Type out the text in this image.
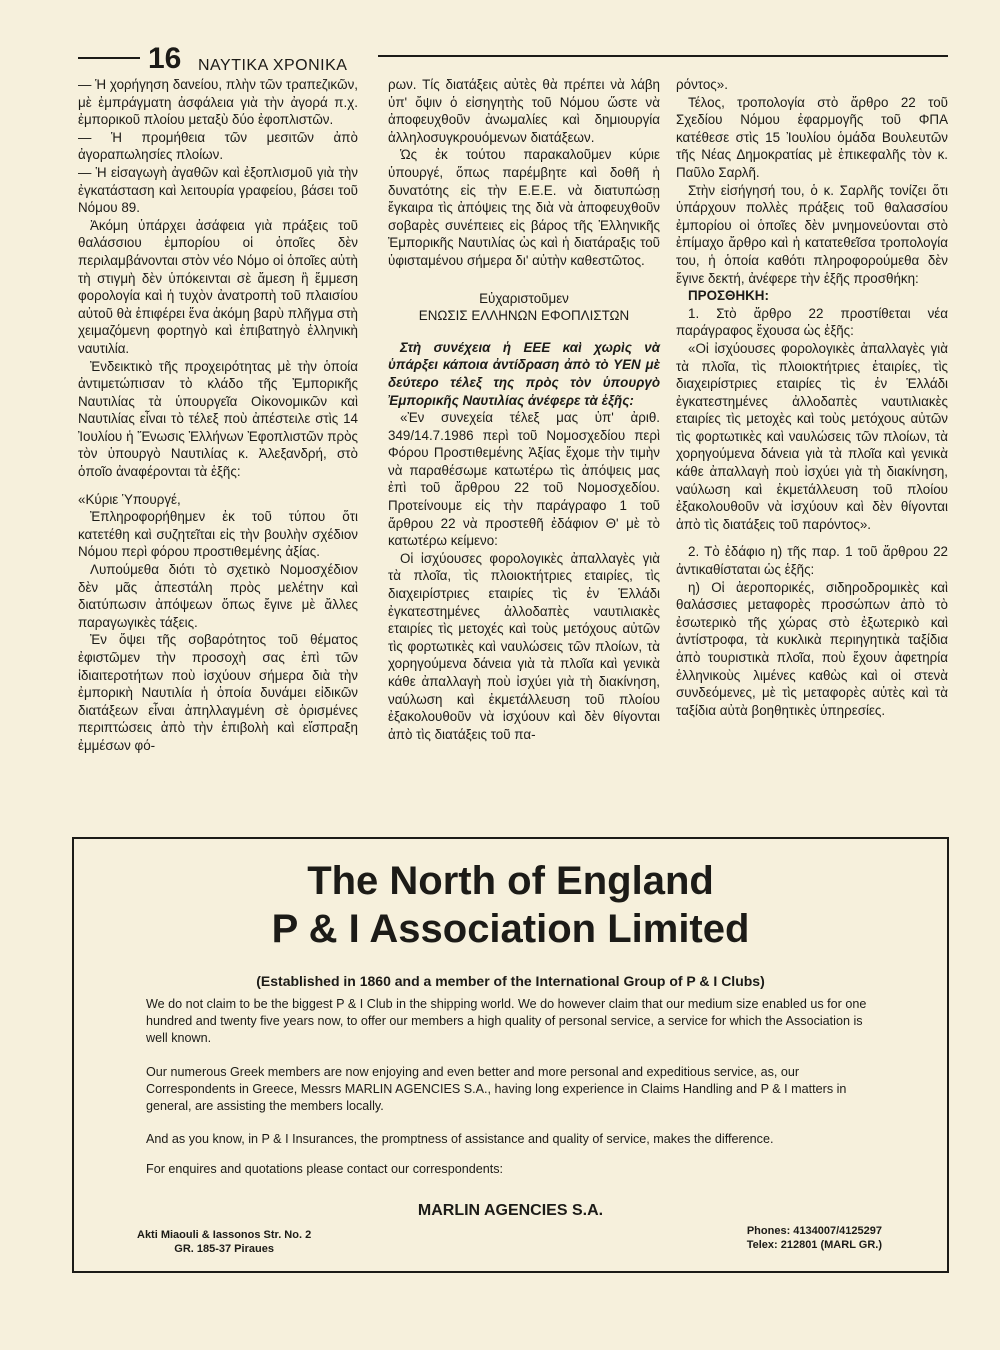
16 ΝΑΥΤΙΚΑ ΧΡΟΝΙΚΑ

— Ἡ χορήγηση δανείου, πλὴν τῶν τραπεζικῶν, μὲ ἐμπράγματη ἀσφάλεια γιὰ τὴν ἀγορά π.χ. ἐμπορικοῦ πλοίου μεταξὺ δύο ἐφοπλιστῶν.

— Ἡ προμήθεια τῶν μεσιτῶν ἀπὸ ἀγοραπωλησίες πλοίων.

— Ἡ εἰσαγωγὴ ἀγαθῶν καὶ ἐξοπλισμοῦ γιὰ τὴν ἐγκατάσταση καὶ λειτουρία γραφείου, βάσει τοῦ Νόμου 89.

Ἀκόμη ὑπάρχει ἀσάφεια γιὰ πράξεις τοῦ θαλάσσιου ἐμπορίου οἱ ὁποῖες δὲν περιλαμβάνονται στὸν νέο Νόμο οἱ ὁποῖες αὐτὴ τὴ στιγμὴ δὲν ὑπόκεινται σὲ ἄμεση ἢ ἔμμεση φορολογία καὶ ἡ τυχὸν ἀνατροπὴ τοῦ πλαισίου αὐτοῦ θὰ ἐπιφέρει ἕνα ἀκόμη βαρὺ πλῆγμα στὴ χειμαζόμενη φορτηγὸ καὶ ἐπιβατηγὸ ἑλληνικὴ ναυτιλία.

Ἐνδεικτικὸ τῆς προχειρότητας μὲ τὴν ὁποία ἀντιμετώπισαν τὸ κλάδο τῆς Ἐμπορικῆς Ναυτιλίας τὰ ὑπουργεῖα Οἰκονομικῶν καὶ Ναυτιλίας εἶναι τὸ τέλεξ ποὺ ἀπέστειλε στὶς 14 Ἰουλίου ἡ Ἕνωσις Ἑλλήνων Ἐφοπλιστῶν πρὸς τὸν ὑπουργὸ Ναυτιλίας κ. Ἀλεξανδρή, στὸ ὁποῖο ἀναφέρονται τὰ ἑξῆς:

«Κύριε Ὑπουργέ,

Ἐπληροφορήθημεν ἐκ τοῦ τύπου ὅτι κατετέθη καὶ συζητεῖται εἰς τὴν βουλὴν σχέδιον Νόμου περὶ φόρου προστιθεμένης ἀξίας.

Λυπούμεθα διότι τὸ σχετικὸ Νομοσχέδιον δὲν μᾶς ἀπεστάλη πρὸς μελέτην καὶ διατύπωσιν ἀπόψεων ὅπως ἔγινε μὲ ἄλλες παραγωγικὲς τάξεις.

Ἐν ὄψει τῆς σοβαρότητος τοῦ θέματος ἐφιστῶμεν τὴν προσοχὴ σας ἐπὶ τῶν ἰδιαιτεροτήτων ποὺ ἰσχύουν σήμερα διὰ τὴν ἐμπορικὴ Ναυτιλία ἡ ὁποία δυνάμει εἰδικῶν διατάξεων εἶναι ἀπηλλαγμένη σὲ ὁρισμένες περιπτώσεις ἀπὸ τὴν ἐπιβολὴ καὶ εἴσπραξη ἐμμέσων φό-

ρων. Τίς διατάξεις αὐτὲς θὰ πρέπει νὰ λάβη ὑπ' ὄψιν ὁ εἰσηγητὴς τοῦ Νόμου ὥστε νὰ ἀποφευχθοῦν ἀνωμαλίες καὶ δημιουργία ἀλληλοσυγκρουόμενων διατάξεων.

Ὡς ἐκ τούτου παρακαλοῦμεν κύριε ὑπουργέ, ὅπως παρέμβητε καὶ δοθῆ ἡ δυνατότης εἰς τὴν Ε.Ε.Ε. νὰ διατυπώσῃ ἔγκαιρα τὶς ἀπόψεις της διὰ νὰ ἀποφευχθοῦν σοβαρὲς συνέπειες εἰς βάρος τῆς Ἑλληνικῆς Ἐμπορικῆς Ναυτιλίας ὡς καὶ ἡ διατάραξις τοῦ ὑφισταμένου σήμερα δι' αὐτὴν καθεστῶτος.

Εὐχαριστοῦμεν
ΕΝΩΣΙΣ ΕΛΛΗΝΩΝ ΕΦΟΠΛΙΣΤΩΝ

Στὴ συνέχεια ἡ ΕΕΕ καὶ χωρὶς νὰ ὑπάρξει κάποια ἀντίδραση ἀπὸ τὸ ΥΕΝ μὲ δεύτερο τέλεξ της πρὸς τὸν ὑπουργὸ Ἐμπορικῆς Ναυτιλίας ἀνέφερε τὰ ἑξῆς:

«Ἐν συνεχεία τέλεξ μας ὑπ' ἀριθ. 349/14.7.1986 περὶ τοῦ Νομοσχεδίου περὶ Φόρου Προστιθεμένης Ἀξίας ἔχομε τὴν τιμὴν νὰ παραθέσωμε κατωτέρω τὶς ἀπόψεις μας ἐπὶ τοῦ ἄρθρου 22 τοῦ Νομοσχεδίου. Προτείνουμε εἰς τὴν παράγραφο 1 τοῦ ἄρθρου 22 νὰ προστεθῆ ἐδάφιον Θ' μὲ τὸ κατωτέρω κείμενο:

Οἱ ἰσχύουσες φορολογικὲς ἀπαλλαγὲς γιὰ τὰ πλοῖα, τὶς πλοιοκτήτριες εταιρίες, τὶς διαχειρίστριες εταιρίες τὶς ἐν Ἑλλάδι ἐγκατεστημένες ἀλλοδαπὲς ναυτιλιακὲς εταιρίες τὶς μετοχές καὶ τοὺς μετόχους αὐτῶν τὶς φορτωτικὲς καὶ ναυλώσεις τῶν πλοίων, τὰ χορηγούμενα δάνεια γιὰ τὰ πλοῖα καὶ γενικὰ κάθε ἀπαλλαγὴ ποὺ ἰσχύει γιὰ τὴ διακίνηση, ναύλωση καὶ ἐκμετάλλευση τοῦ πλοίου ἐξακολουθοῦν νὰ ἰσχύουν καὶ δὲν θίγονται ἀπὸ τὶς διατάξεις τοῦ πα-

ρόντος».

Τέλος, τροπολογία στὸ ἄρθρο 22 τοῦ Σχεδίου Νόμου ἐφαρμογῆς τοῦ ΦΠΑ κατέθεσε στὶς 15 Ἰουλίου ὁμάδα Βουλευτῶν τῆς Νέας Δημοκρατίας μὲ ἐπικεφαλῆς τὸν κ. Παῦλο Σαρλῆ.

Στὴν εἰσήγησή του, ὁ κ. Σαρλῆς τονίζει ὅτι ὑπάρχουν πολλὲς πράξεις τοῦ θαλασσίου ἐμπορίου οἱ ὁποῖες δὲν μνημονεύονται στὸ ἐπίμαχο ἄρθρο καὶ ἡ κατατεθεῖσα τροπολογία του, ἡ ὁποία καθότι πληροφορούμεθα δὲν ἔγινε δεκτή, ἀνέφερε τὴν ἑξῆς προσθήκη:

ΠΡΟΣΘΗΚΗ:

1. Στὸ ἄρθρο 22 προστίθεται νέα παράγραφος ἔχουσα ὡς ἑξῆς:

«Οἱ ἰσχύουσες φορολογικὲς ἀπαλλαγὲς γιὰ τὰ πλοῖα, τὶς πλοιοκτήτριες ἑταιρίες, τὶς διαχειρίστριες εταιρίες τὶς ἐν Ἑλλάδι ἐγκατεστημένες ἀλλοδαπὲς ναυτιλιακὲς εταιρίες τὶς μετοχὲς καὶ τοὺς μετόχους αὐτῶν τὶς φορτωτικὲς καὶ ναυλώσεις τῶν πλοίων, τὰ χορηγούμενα δάνεια γιὰ τὰ πλοῖα καὶ γενικὰ κάθε ἀπαλλαγὴ ποὺ ἰσχύει γιὰ τὴ διακίνηση, ναύλωση καὶ ἐκμετάλλευση τοῦ πλοίου ἐξακολουθοῦν νὰ ἰσχύουν καὶ δὲν θίγονται ἀπὸ τὶς διατάξεις τοῦ παρόντος».

2. Τὸ ἐδάφιο η) τῆς παρ. 1 τοῦ ἄρθρου 22 ἀντικαθίσταται ὡς ἑξῆς:

η) Οἱ ἀεροπορικές, σιδηροδρομικὲς καὶ θαλάσσιες μεταφορὲς προσώπων ἀπὸ τὸ ἐσωτερικὸ τῆς χώρας στὸ ἐξωτερικὸ καὶ ἀντίστροφα, τὰ κυκλικὰ περιηγητικὰ ταξίδια ἀπὸ τουριστικὰ πλοῖα, ποὺ ἔχουν ἀφετηρία ἑλληνικοὺς λιμένες καθὼς καὶ οἱ στενὰ συνδεόμενες, μὲ τὶς μεταφορὲς αὐτὲς καὶ τὰ ταξίδια αὐτὰ βοηθητικὲς ὑπηρεσίες.

The North of England
P & I Association Limited
(Established in 1860 and a member of the International Group of P & I Clubs)
We do not claim to be the biggest P & I Club in the shipping world. We do however claim that our medium size enabled us for one hundred and twenty five years now, to offer our members a high quality of personal service, a service for which the Association is well known.
Our numerous Greek members are now enjoying and even better and more personal and expeditious service, as, our Correspondents in Greece, Messrs MARLIN AGENCIES S.A., having long experience in Claims Handling and P & I matters in general, are assisting the members locally.
And as you know, in P & I Insurances, the promptness of assistance and quality of service, makes the difference.
For enquires and quotations please contact our correspondents:
MARLIN AGENCIES S.A.
Akti Miaouli & Iassonos Str. No. 2
GR. 185-37 Piraues
Phones: 4134007/4125297
Telex: 212801 (MARL GR.)
